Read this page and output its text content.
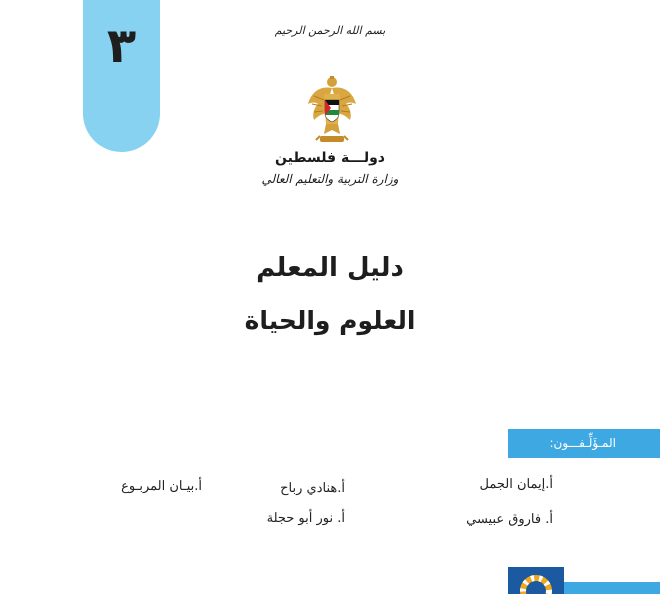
٣	بسم الله الرحمن الرحيم
دولـــة فلسطين
وزارة التربية والتعليم العالي
دليل المعلم
العلوم والحياة
المـؤَلِّـفـــون:
أ.إيمان الجمل
أ.هنادي رباح
أ.بيـان المربـوع
أ. فاروق عبيسي
أ. نور أبو حجلة
